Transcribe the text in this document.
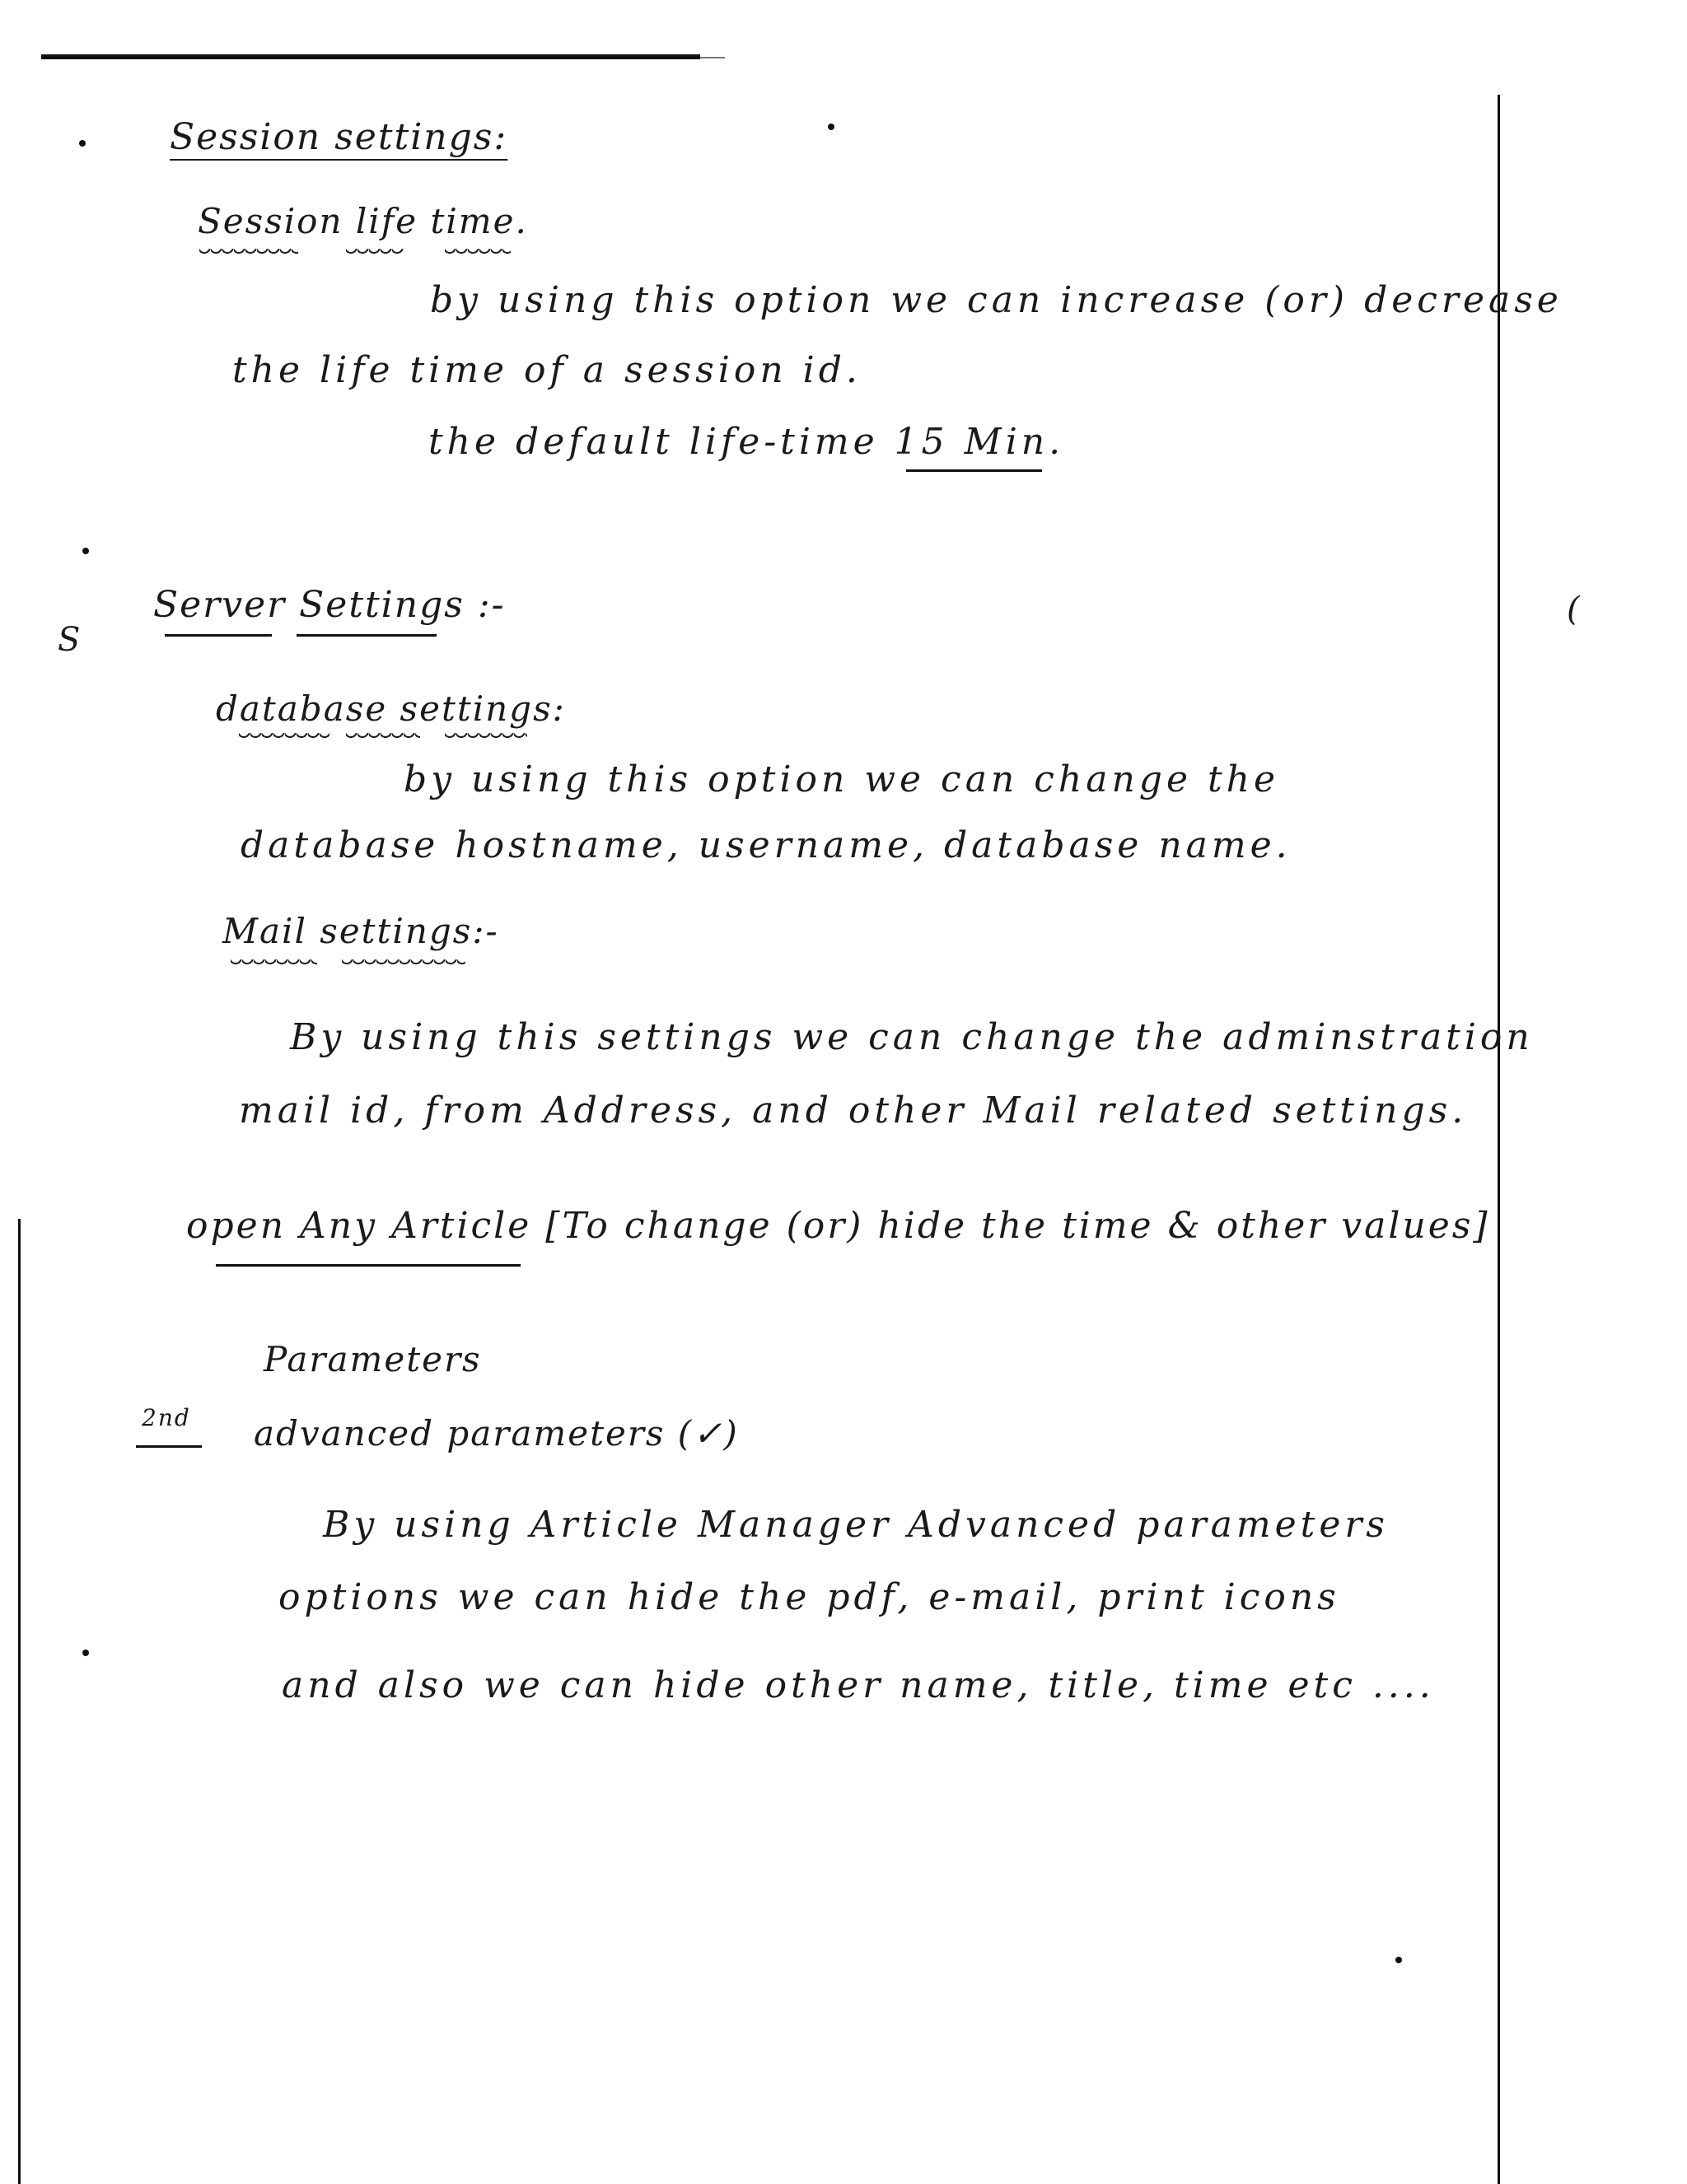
S
(
Session settings:
Session life time.
by using this option we can increase (or) decrease
the life time of a session id.
the default life-time 15 Min.
Server Settings :-
database settings:
by using this option we can change the
database hostname, username, database name.
Mail settings:-
By using this settings we can change the adminstration
mail id, from Address, and other Mail related settings.
open Any Article [To change (or) hide the time & other values]
Parameters
2nd advanced parameters (✓)
By using Article Manager Advanced parameters
options we can hide the pdf, e-mail, print icons
and also we can hide other name, title, time etc ....
